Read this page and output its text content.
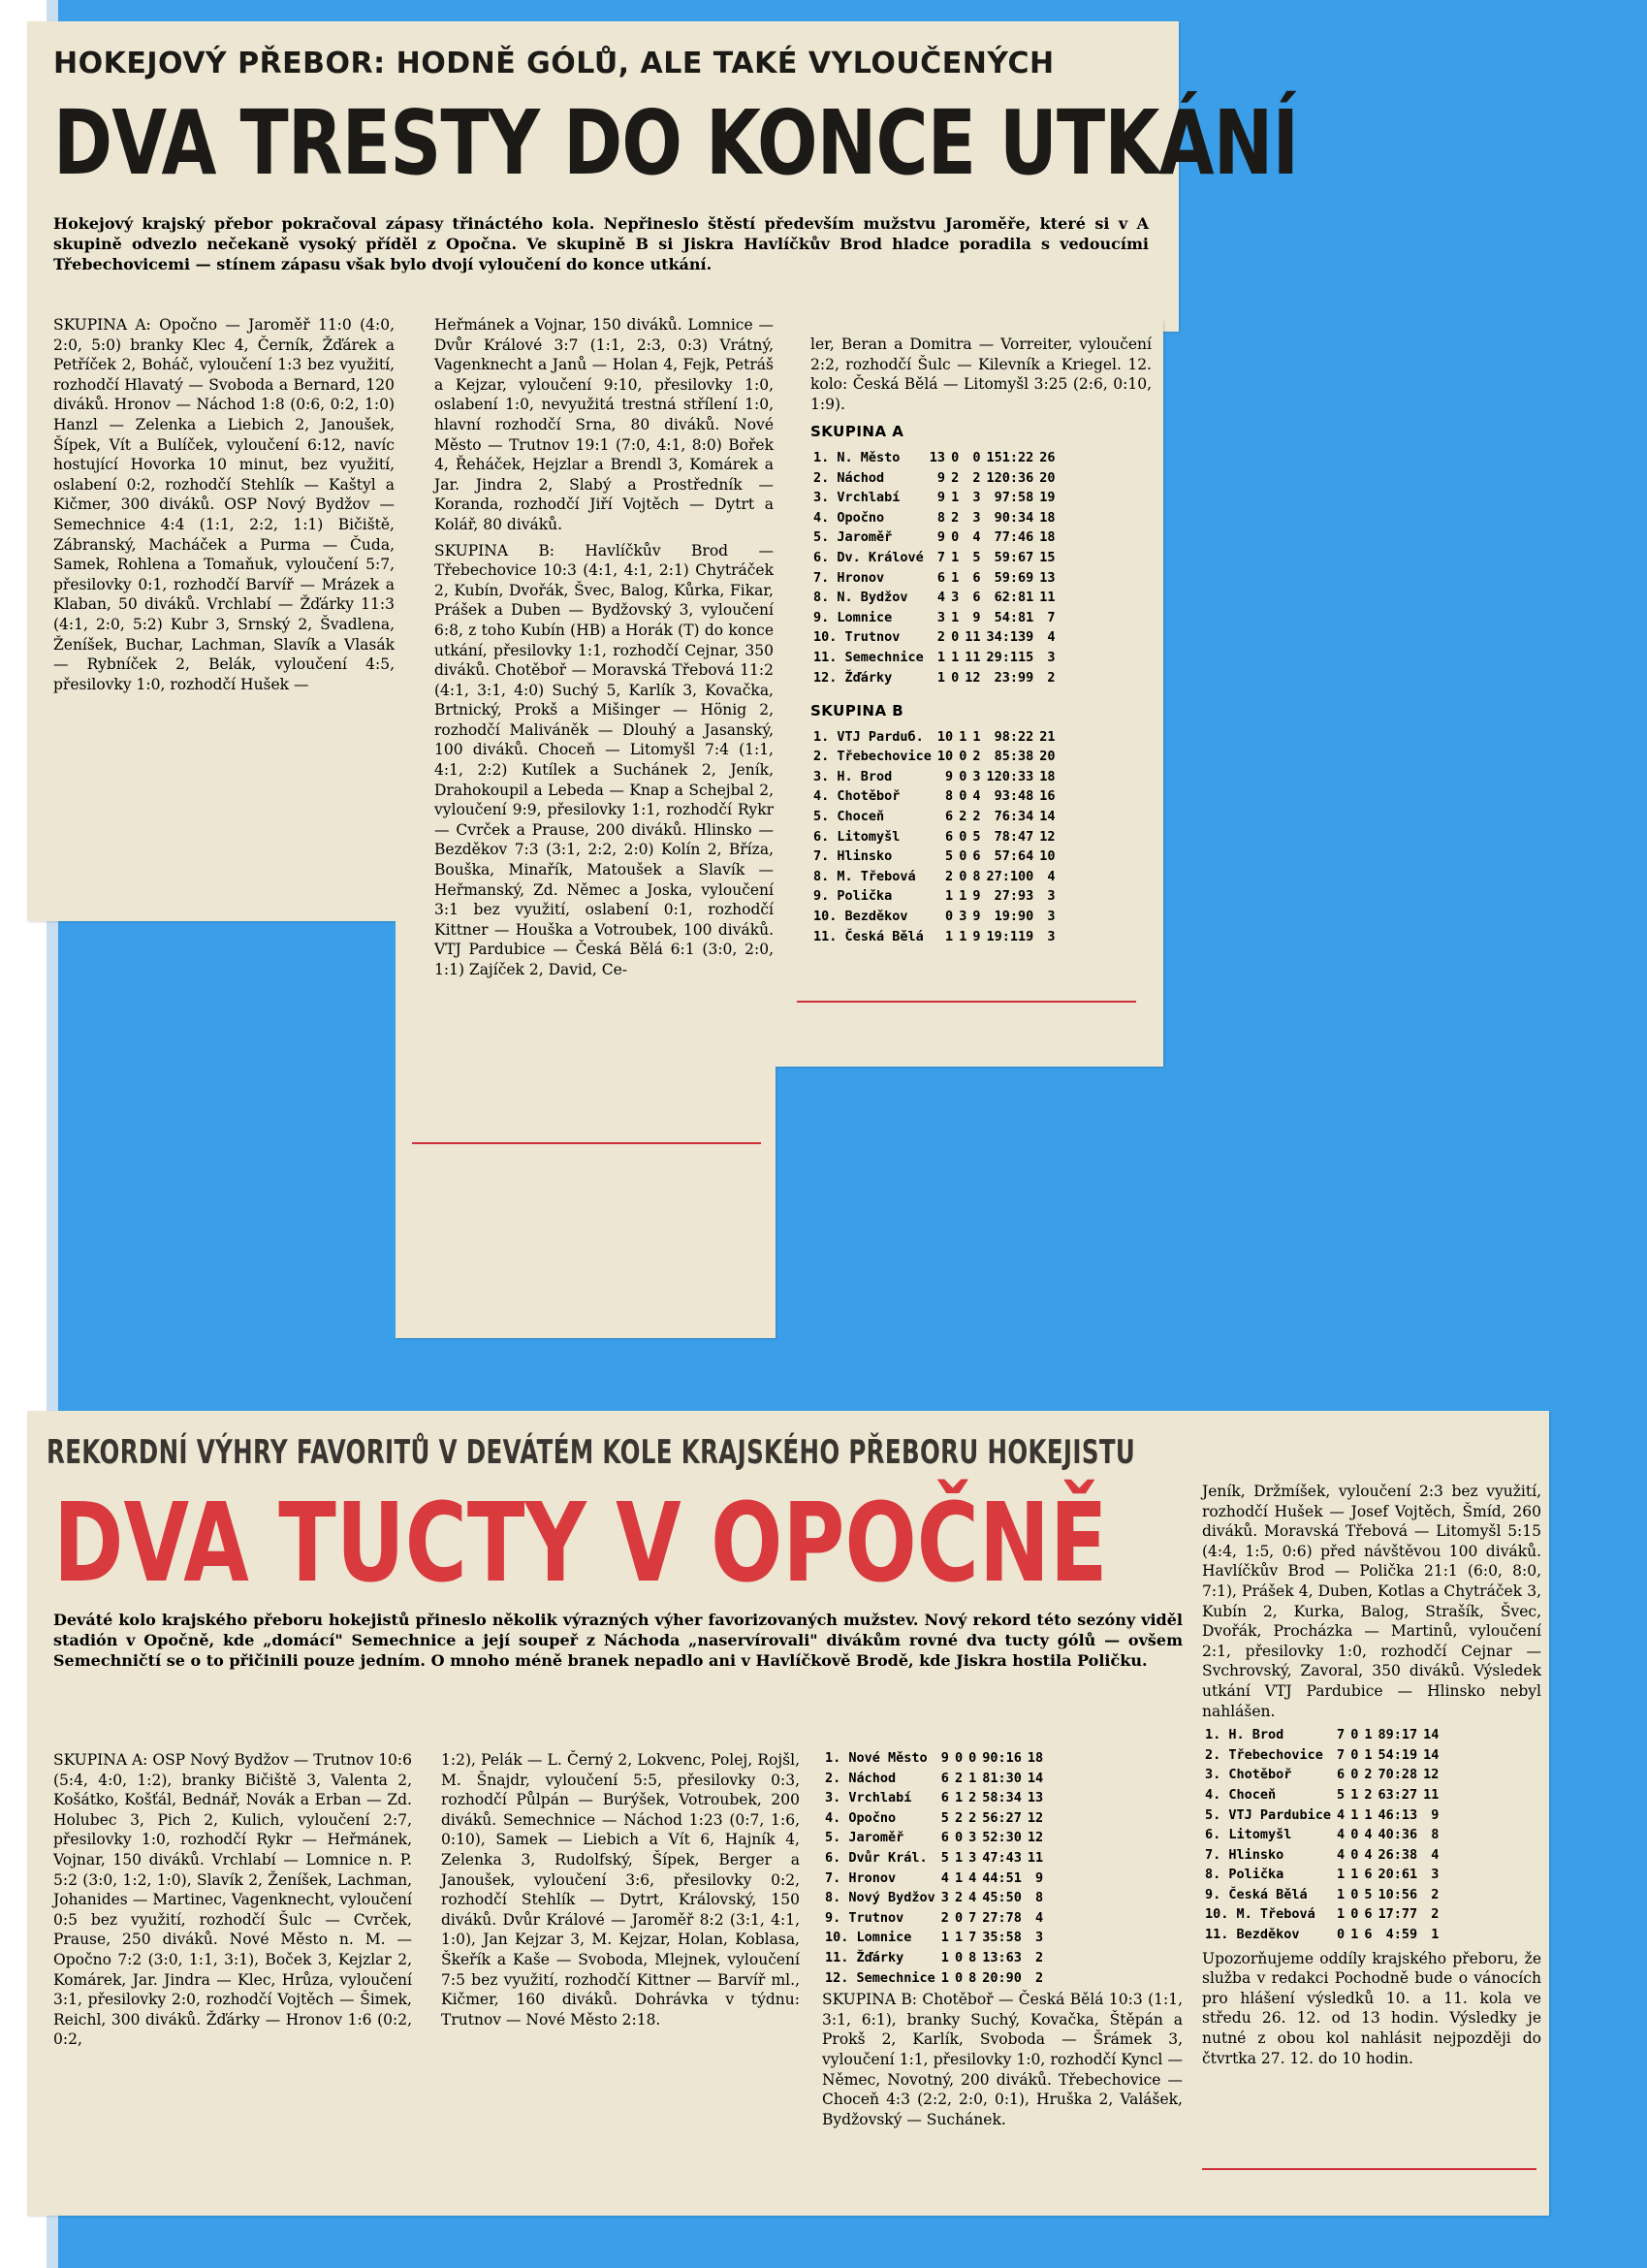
HOKEJOVÝ PŘEBOR: HODNĚ GÓLŮ, ALE TAKÉ VYLOUČENÝCH
DVA TRESTY DO KONCE UTKÁNÍ

Hokejový krajský přebor pokračoval zápasy třináctého kola. Nepřineslo štěstí především mužstvu Jaroměře, které si v A skupině odvezlo nečekaně vysoký příděl z Opočna. Ve skupině B si Jiskra Havlíčkův Brod hladce poradila s vedoucími Třebechovicemi — stínem zápasu však bylo dvojí vyloučení do konce utkání.

SKUPINA A: Opočno — Jaroměř 11:0 (4:0, 2:0, 5:0) branky Klec 4, Černík, Žďárek a Petříček 2, Boháč, vyloučení 1:3 bez využití, rozhodčí Hlavatý — Svoboda a Bernard, 120 diváků. Hronov — Náchod 1:8 (0:6, 0:2, 1:0) Hanzl — Zelenka a Liebich 2, Janoušek, Šípek, Vít a Bulíček, vyloučení 6:12, navíc hostující Hovorka 10 minut, bez využití, oslabení 0:2, rozhodčí Stehlík — Kaštyl a Kičmer, 300 diváků. OSP Nový Bydžov — Semechnice 4:4 (1:1, 2:2, 1:1) Bičiště, Zábranský, Macháček a Purma — Čuda, Samek, Rohlena a Tomaňuk, vyloučení 5:7, přesilovky 0:1, rozhodčí Barvíř — Mrázek a Klaban, 50 diváků. Vrchlabí — Žďárky 11:3 (4:1, 2:0, 5:2) Kubr 3, Srnský 2, Švadlena, Ženíšek, Buchar, Lachman, Slavík a Vlasák — Rybníček 2, Belák, vyloučení 4:5, přesilovky 1:0, rozhodčí Hušek —

Heřmánek a Vojnar, 150 diváků. Lomnice — Dvůr Králové 3:7 (1:1, 2:3, 0:3) Vrátný, Vagenknecht a Janů — Holan 4, Fejk, Petráš a Kejzar, vyloučení 9:10, přesilovky 1:0, oslabení 1:0, nevyužitá trestná střílení 1:0, hlavní rozhodčí Srna, 80 diváků. Nové Město — Trutnov 19:1 (7:0, 4:1, 8:0) Bořek 4, Řeháček, Hejzlar a Brendl 3, Komárek a Jar. Jindra 2, Slabý a Prostředník — Koranda, rozhodčí Jiří Vojtěch — Dytrt a Kolář, 80 diváků.

SKUPINA B: Havlíčkův Brod — Třebechovice 10:3 (4:1, 4:1, 2:1) Chytráček 2, Kubín, Dvořák, Švec, Balog, Kůrka, Fikar, Prášek a Duben — Bydžovský 3, vyloučení 6:8, z toho Kubín (HB) a Horák (T) do konce utkání, přesilovky 1:1, rozhodčí Cejnar, 350 diváků. Chotěboř — Moravská Třebová 11:2 (4:1, 3:1, 4:0) Suchý 5, Karlík 3, Kovačka, Brtnický, Prokš a Mišinger — Hönig 2, rozhodčí Maliváněk — Dlouhý a Jasanský, 100 diváků. Choceň — Litomyšl 7:4 (1:1, 4:1, 2:2) Kutílek a Suchánek 2, Jeník, Drahokoupil a Lebeda — Knap a Schejbal 2, vyloučení 9:9, přesilovky 1:1, rozhodčí Rykr — Cvrček a Prause, 200 diváků. Hlinsko — Bezděkov 7:3 (3:1, 2:2, 2:0) Kolín 2, Bříza, Bouška, Minařík, Matoušek a Slavík — Heřmanský, Zd. Němec a Joska, vyloučení 3:1 bez využití, oslabení 0:1, rozhodčí Kittner — Houška a Votroubek, 100 diváků. VTJ Pardubice — Česká Bělá 6:1 (3:0, 2:0, 1:1) Zajíček 2, David, Ce-

ler, Beran a Domitra — Vorreiter, vyloučení 2:2, rozhodčí Šulc — Kilevník a Kriegel. 12. kolo: Česká Bělá — Litomyšl 3:25 (2:6, 0:10, 1:9).

SKUPINA A
1. N. Město	13	0	0	151:22	26
2. Náchod	9	2	2	120:36	20
3. Vrchlabí	9	1	3	97:58	19
4. Opočno	8	2	3	90:34	18
5. Jaroměř	9	0	4	77:46	18
6. Dv. Králové	7	1	5	59:67	15
7. Hronov	6	1	6	59:69	13
8. N. Bydžov	4	3	6	62:81	11
9. Lomnice	3	1	9	54:81	7
10. Trutnov	2	0	11	34:139	4
11. Semechnice	1	1	11	29:115	3
12. Žďárky	1	0	12	23:99	2
SKUPINA B
1. VTJ Parduб.	10	1	1	98:22	21
2. Třebechovice	10	0	2	85:38	20
3. H. Brod	9	0	3	120:33	18
4. Chotěboř	8	0	4	93:48	16
5. Choceň	6	2	2	76:34	14
6. Litomyšl	6	0	5	78:47	12
7. Hlinsko	5	0	6	57:64	10
8. M. Třebová	2	0	8	27:100	4
9. Polička	1	1	9	27:93	3
10. Bezděkov	0	3	9	19:90	3
11. Česká Bělá	1	1	9	19:119	3
REKORDNÍ VÝHRY FAVORITŮ V DEVÁTÉM KOLE KRAJSKÉHO PŘEBORU HOKEJISTU
DVA TUCTY V OPOČNĚ

Deváté kolo krajského přeboru hokejistů přineslo několik výrazných výher favorizovaných mužstev. Nový rekord této sezóny viděl stadión v Opočně, kde „domácí" Semechnice a její soupeř z Náchoda „naservírovali" divákům rovné dva tucty gólů — ovšem Semechničtí se o to přičinili pouze jedním. O mnoho méně branek nepadlo ani v Havlíčkově Brodě, kde Jiskra hostila Poličku.

Jeník, Držmíšek, vyloučení 2:3 bez využití, rozhodčí Hušek — Josef Vojtěch, Šmíd, 260 diváků. Moravská Třebová — Litomyšl 5:15 (4:4, 1:5, 0:6) před návštěvou 100 diváků. Havlíčkův Brod — Polička 21:1 (6:0, 8:0, 7:1), Prášek 4, Duben, Kotlas a Chytráček 3, Kubín 2, Kurka, Balog, Strašík, Švec, Dvořák, Procházka — Martinů, vyloučení 2:1, přesilovky 1:0, rozhodčí Cejnar — Svchrovský, Zavoral, 350 diváků. Výsledek utkání VTJ Pardubice — Hlinsko nebyl nahlášen.

1. H. Brod	7	0	1	89:17	14
2. Třebechovice	7	0	1	54:19	14
3. Chotěboř	6	0	2	70:28	12
4. Choceň	5	1	2	63:27	11
5. VTJ Pardubice	4	1	1	46:13	9
6. Litomyšl	4	0	4	40:36	8
7. Hlinsko	4	0	4	26:38	4
8. Polička	1	1	6	20:61	3
9. Česká Bělá	1	0	5	10:56	2
10. M. Třebová	1	0	6	17:77	2
11. Bezděkov	0	1	6	4:59	1

Upozorňujeme oddíly krajského přeboru, že služba v redakci Pochodně bude o vánocích pro hlášení výsledků 10. a 11. kola ve středu 26. 12. od 13 hodin. Výsledky je nutné z obou kol nahlásit nejpozději do čtvrtka 27. 12. do 10 hodin.

SKUPINA A: OSP Nový Bydžov — Trutnov 10:6 (5:4, 4:0, 1:2), branky Bičiště 3, Valenta 2, Košátko, Košťál, Bednář, Novák a Erban — Zd. Holubec 3, Pich 2, Kulich, vyloučení 2:7, přesilovky 1:0, rozhodčí Rykr — Heřmánek, Vojnar, 150 diváků. Vrchlabí — Lomnice n. P. 5:2 (3:0, 1:2, 1:0), Slavík 2, Ženíšek, Lachman, Johanides — Martinec, Vagenknecht, vyloučení 0:5 bez využití, rozhodčí Šulc — Cvrček, Prause, 250 diváků. Nové Město n. M. — Opočno 7:2 (3:0, 1:1, 3:1), Boček 3, Kejzlar 2, Komárek, Jar. Jindra — Klec, Hrůza, vyloučení 3:1, přesilovky 2:0, rozhodčí Vojtěch — Šimek, Reichl, 300 diváků. Žďárky — Hronov 1:6 (0:2, 0:2,

1:2), Pelák — L. Černý 2, Lokvenc, Polej, Rojšl, M. Šnajdr, vyloučení 5:5, přesilovky 0:3, rozhodčí Půlpán — Burýšek, Votroubek, 200 diváků. Semechnice — Náchod 1:23 (0:7, 1:6, 0:10), Samek — Liebich a Vít 6, Hajník 4, Zelenka 3, Rudolfský, Šípek, Berger a Janoušek, vyloučení 3:6, přesilovky 0:2, rozhodčí Stehlík — Dytrt, Královský, 150 diváků. Dvůr Králové — Jaroměř 8:2 (3:1, 4:1, 1:0), Jan Kejzar 3, M. Kejzar, Holan, Koblasa, Škeřík a Kaše — Svoboda, Mlejnek, vyloučení 7:5 bez využití, rozhodčí Kittner — Barvíř ml., Kičmer, 160 diváků. Dohrávka v týdnu: Trutnov — Nové Město 2:18.

1. Nové Město	9	0	0	90:16	18
2. Náchod	6	2	1	81:30	14
3. Vrchlabí	6	1	2	58:34	13
4. Opočno	5	2	2	56:27	12
5. Jaroměř	6	0	3	52:30	12
6. Dvůr Král.	5	1	3	47:43	11
7. Hronov	4	1	4	44:51	9
8. Nový Bydžov	3	2	4	45:50	8
9. Trutnov	2	0	7	27:78	4
10. Lomnice	1	1	7	35:58	3
11. Žďárky	1	0	8	13:63	2
12. Semechnice	1	0	8	20:90	2

SKUPINA B: Chotěboř — Česká Bělá 10:3 (1:1, 3:1, 6:1), branky Suchý, Kovačka, Štěpán a Prokš 2, Karlík, Svoboda — Šrámek 3, vyloučení 1:1, přesilovky 1:0, rozhodčí Kyncl — Němec, Novotný, 200 diváků. Třebechovice — Choceň 4:3 (2:2, 2:0, 0:1), Hruška 2, Valášek, Bydžovský — Suchánek.
